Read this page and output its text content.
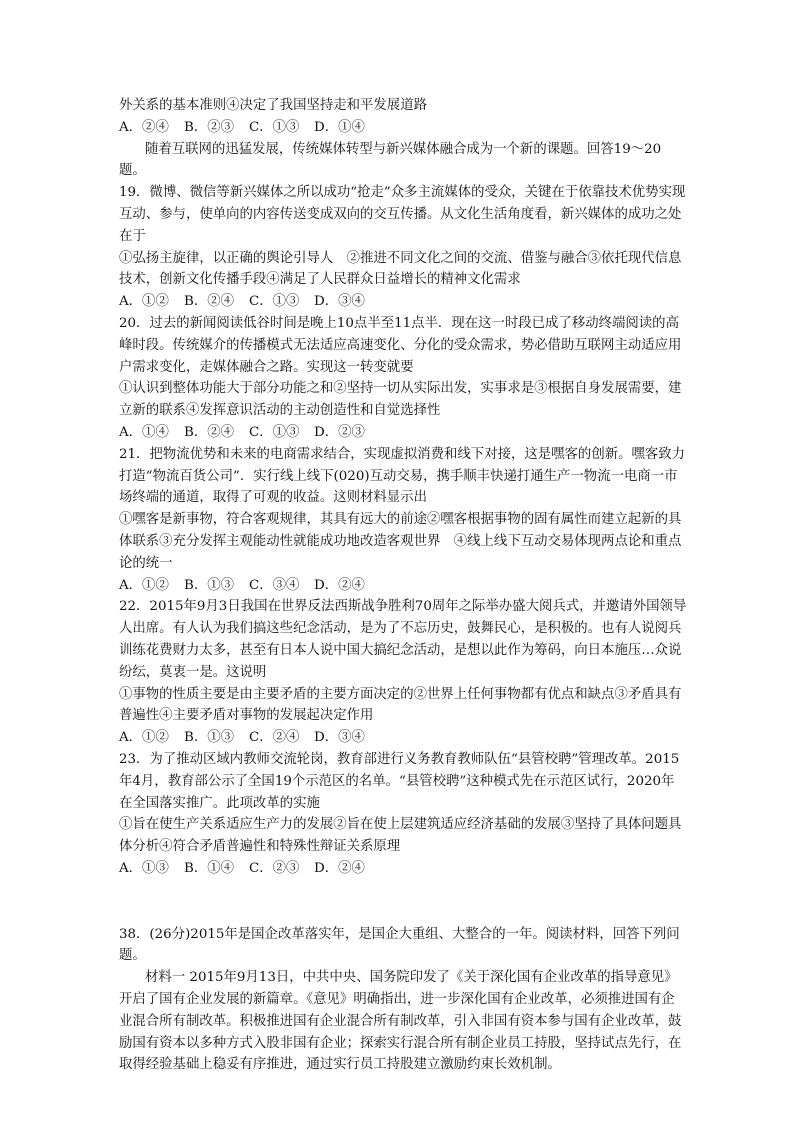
外关系的基本准则④决定了我国坚持走和平发展道路

A．②④	B．②③	C．①③	D．①④

随着互联网的迅猛发展，传统媒体转型与新兴媒体融合成为一个新的课题。回答19～20题。

19．微博、微信等新兴媒体之所以成功“抢走”众多主流媒体的受众，关键在于依靠技术优势实现互动、参与，使单向的内容传送变成双向的交互传播。从文化生活角度看，新兴媒体的成功之处在于

①弘扬主旋律，以正确的舆论引导人　②推进不同文化之间的交流、借鉴与融合③依托现代信息技术，创新文化传播手段④满足了人民群众日益增长的精神文化需求

A．①②	B．②④	C．①③	D．③④

20．过去的新闻阅读低谷时间是晚上10点半至11点半．现在这一时段已成了移动终端阅读的高峰时段。传统媒介的传播模式无法适应高速变化、分化的受众需求，势必借助互联网主动适应用户需求变化，走媒体融合之路。实现这一转变就要

①认识到整体功能大于部分功能之和②坚持一切从实际出发，实事求是③根据自身发展需要，建立新的联系④发挥意识活动的主动创造性和自觉选择性

A．①④	B．②④	C．①③	D．②③

21．把物流优势和未来的电商需求结合，实现虚拟消费和线下对接，这是嘿客的创新。嘿客致力打造“物流百货公司”．实行线上线下(020)互动交易，携手顺丰快递打通生产一物流一电商一市场终端的通道，取得了可观的收益。这则材料显示出

①嘿客是新事物，符合客观规律，其具有远大的前途②嘿客根据事物的固有属性而建立起新的具体联系③充分发挥主观能动性就能成功地改造客观世界　④线上线下互动交易体现两点论和重点论的统一

A．①②	B．①③	C．③④	D．②④

22．2015年9月3日我国在世界反法西斯战争胜利70周年之际举办盛大阅兵式，并邀请外国领导人出席。有人认为我们搞这些纪念活动，是为了不忘历史，鼓舞民心，是积极的。也有人说阅兵训练花费财力太多，甚至有日本人说中国大搞纪念活动，是想以此作为筹码，向日本施压…众说纷纭，莫衷一是。这说明

①事物的性质主要是由主要矛盾的主要方面决定的②世界上任何事物都有优点和缺点③矛盾具有普遍性④主要矛盾对事物的发展起决定作用

A．①②	B．①③	C．②④	D．③④

23．为了推动区域内教师交流轮岗，教育部进行义务教育教师队伍“县管校聘”管理改革。2015年4月，教育部公示了全国19个示范区的名单。“县管校聘”这种模式先在示范区试行，2020年在全国落实推广。此项改革的实施

①旨在使生产关系适应生产力的发展②旨在使上层建筑适应经济基础的发展③坚持了具体问题具体分析④符合矛盾普遍性和特殊性辩证关系原理

A．①③	B．①④	C．②③	D．②④

38．(26分)2015年是国企改革落实年，是国企大重组、大整合的一年。阅读材料，回答下列问题。

材料一 2015年9月13日，中共中央、国务院印发了《关于深化国有企业改革的指导意见》开启了国有企业发展的新篇章。《意见》明确指出，进一步深化国有企业改革，必须推进国有企业混合所有制改革。积极推进国有企业混合所有制改革，引入非国有资本参与国有企业改革，鼓励国有资本以多种方式入股非国有企业；探索实行混合所有制企业员工持股，坚持试点先行，在取得经验基础上稳妥有序推进，通过实行员工持股建立激励约束长效机制。
